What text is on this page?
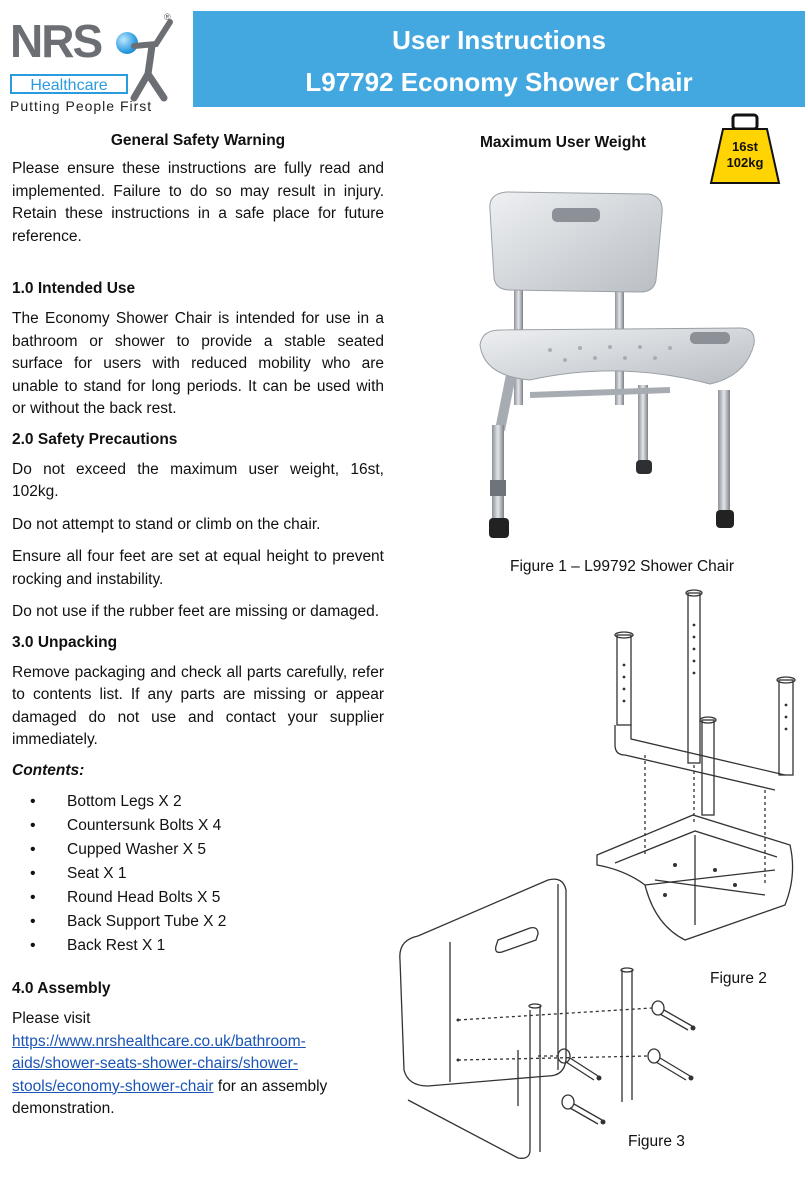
NRS	®
Healthcare
Putting People First
User Instructions
L97792 Economy Shower Chair
General Safety Warning

Please ensure these instructions are fully read and implemented. Failure to do so may result in injury. Retain these instructions in a safe place for future reference.

1.0 Intended Use

The Economy Shower Chair is intended for use in a bathroom or shower to provide a stable seated surface for users with reduced mobility who are unable to stand for long periods. It can be used with or without the back rest.

2.0 Safety Precautions

Do not exceed the maximum user weight, 16st, 102kg.

Do not attempt to stand or climb on the chair.

Ensure all four feet are set at equal height to prevent rocking and instability.

Do not use if the rubber feet are missing or damaged.

3.0 Unpacking

Remove packaging and check all parts carefully, refer to contents list. If any parts are missing or appear damaged do not use and contact your supplier immediately.

Contents:

• Bottom Legs X 2
• Countersunk Bolts X 4
• Cupped Washer X 5
• Seat X 1
• Round Head Bolts X 5
• Back Support Tube X 2
• Back Rest X 1
4.0 Assembly

Please visit
https://www.nrshealthcare.co.uk/bathroom-aids/shower-seats-shower-chairs/shower-stools/economy-shower-chair for an assembly demonstration.

Maximum User Weight	16st
102kg
Figure 1 – L99792 Shower Chair
Figure 2
Figure 3
